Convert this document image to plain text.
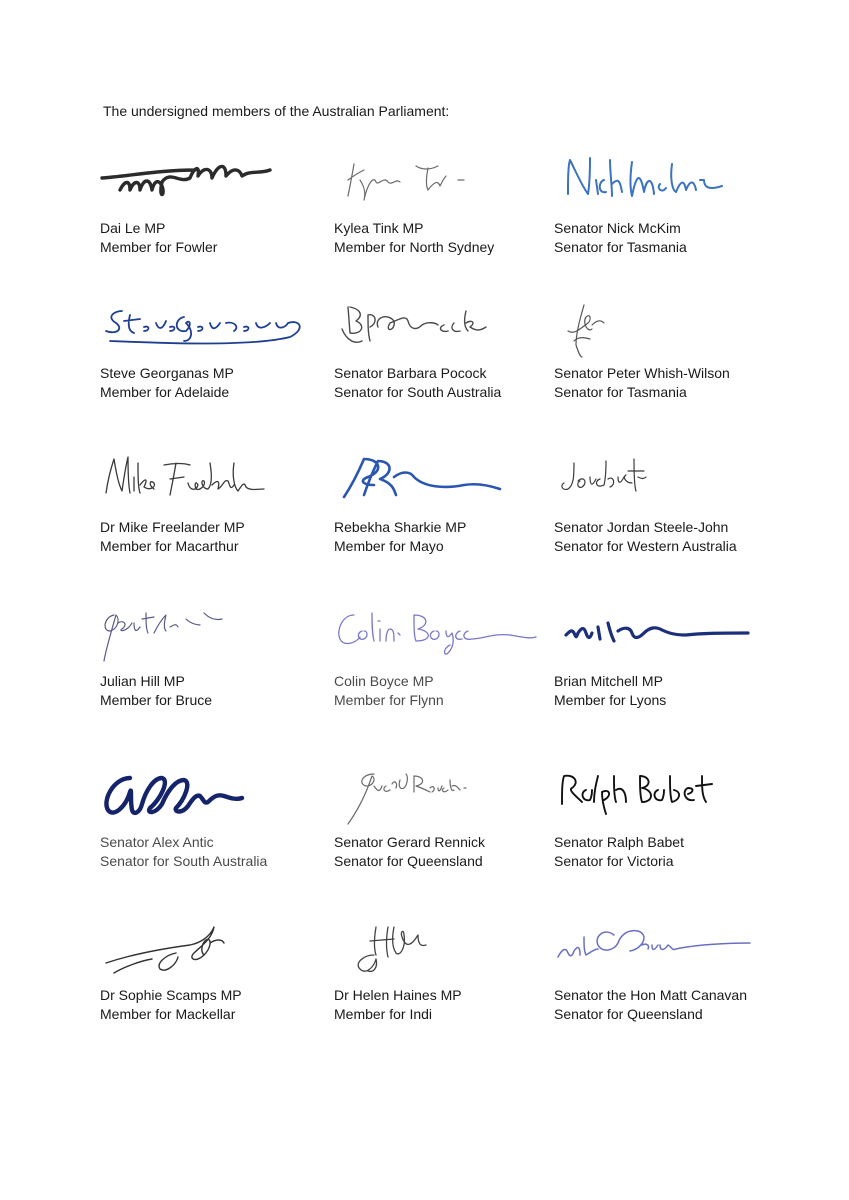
The undersigned members of the Australian Parliament:
Dai Le MP
Member for Fowler
Kylea Tink MP
Member for North Sydney
Senator Nick McKim
Senator for Tasmania
Steve Georganas MP
Member for Adelaide
Senator Barbara Pocock
Senator for South Australia
Senator Peter Whish-Wilson
Senator for Tasmania
Dr Mike Freelander MP
Member for Macarthur
Rebekha Sharkie MP
Member for Mayo
Senator Jordan Steele-John
Senator for Western Australia
Julian Hill MP
Member for Bruce
Colin Boyce MP
Member for Flynn
Brian Mitchell MP
Member for Lyons
Senator Alex Antic
Senator for South Australia
Senator Gerard Rennick
Senator for Queensland
Senator Ralph Babet
Senator for Victoria
Dr Sophie Scamps MP
Member for Mackellar
Dr Helen Haines MP
Member for Indi
Senator the Hon Matt Canavan
Senator for Queensland
